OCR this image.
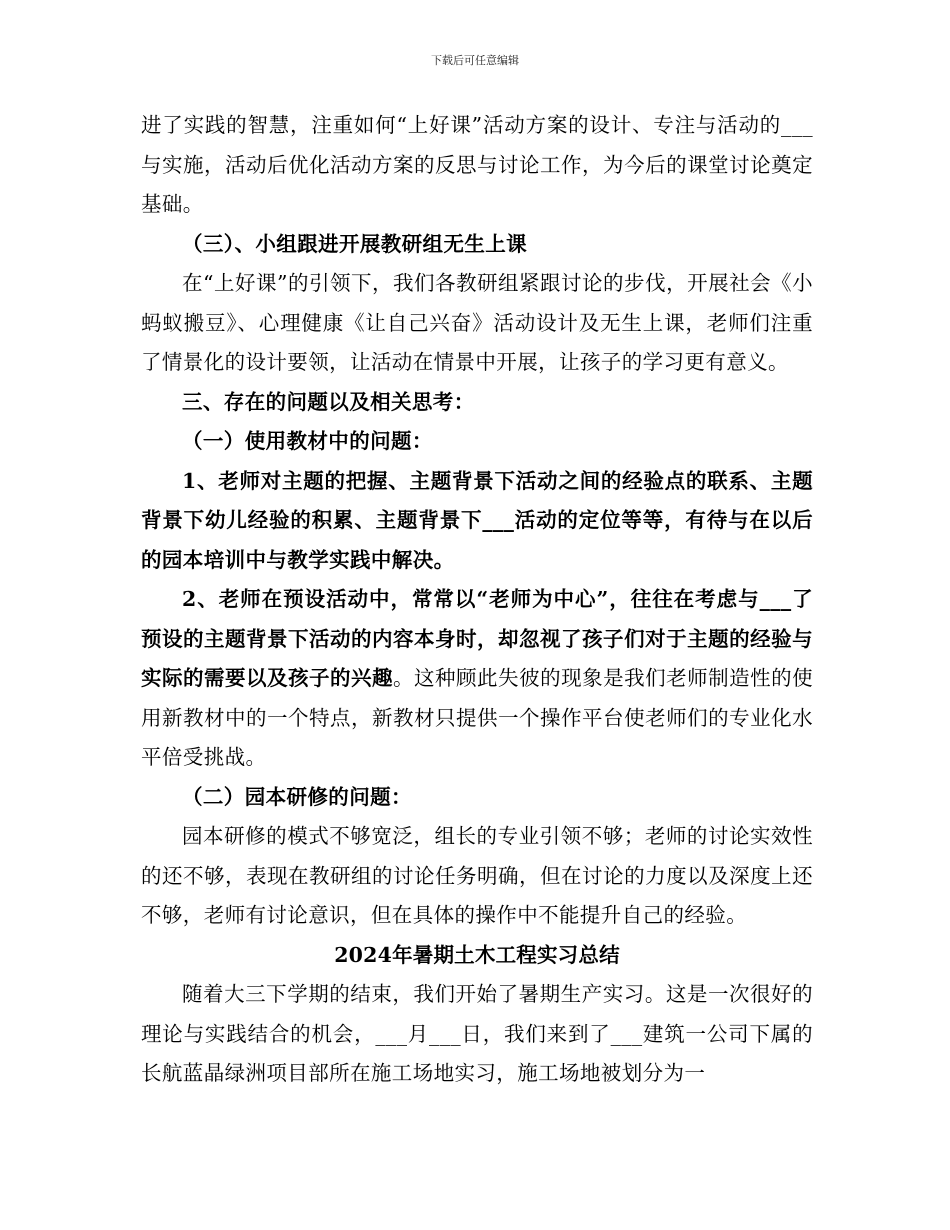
下载后可任意编辑

进了实践的智慧，注重如何“上好课”活动方案的设计、专注与活动的___与实施，活动后优化活动方案的反思与讨论工作，为今后的课堂讨论奠定基础。

（三）、小组跟进开展教研组无生上课

在“上好课”的引领下，我们各教研组紧跟讨论的步伐，开展社会《小蚂蚁搬豆》、心理健康《让自己兴奋》活动设计及无生上课，老师们注重了情景化的设计要领，让活动在情景中开展，让孩子的学习更有意义。

三、存在的问题以及相关思考：

（一）使用教材中的问题：

1、老师对主题的把握、主题背景下活动之间的经验点的联系、主题背景下幼儿经验的积累、主题背景下___活动的定位等等，有待与在以后的园本培训中与教学实践中解决。

2、老师在预设活动中，常常以“老师为中心”，往往在考虑与___了预设的主题背景下活动的内容本身时，却忽视了孩子们对于主题的经验与实际的需要以及孩子的兴趣。这种顾此失彼的现象是我们老师制造性的使用新教材中的一个特点，新教材只提供一个操作平台使老师们的专业化水平倍受挑战。

（二）园本研修的问题：

园本研修的模式不够宽泛，组长的专业引领不够；老师的讨论实效性的还不够，表现在教研组的讨论任务明确，但在讨论的力度以及深度上还不够，老师有讨论意识，但在具体的操作中不能提升自己的经验。

2024年暑期土木工程实习总结

随着大三下学期的结束，我们开始了暑期生产实习。这是一次很好的理论与实践结合的机会，___月___日，我们来到了___建筑一公司下属的长航蓝晶绿洲项目部所在施工场地实习，施工场地被划分为一
